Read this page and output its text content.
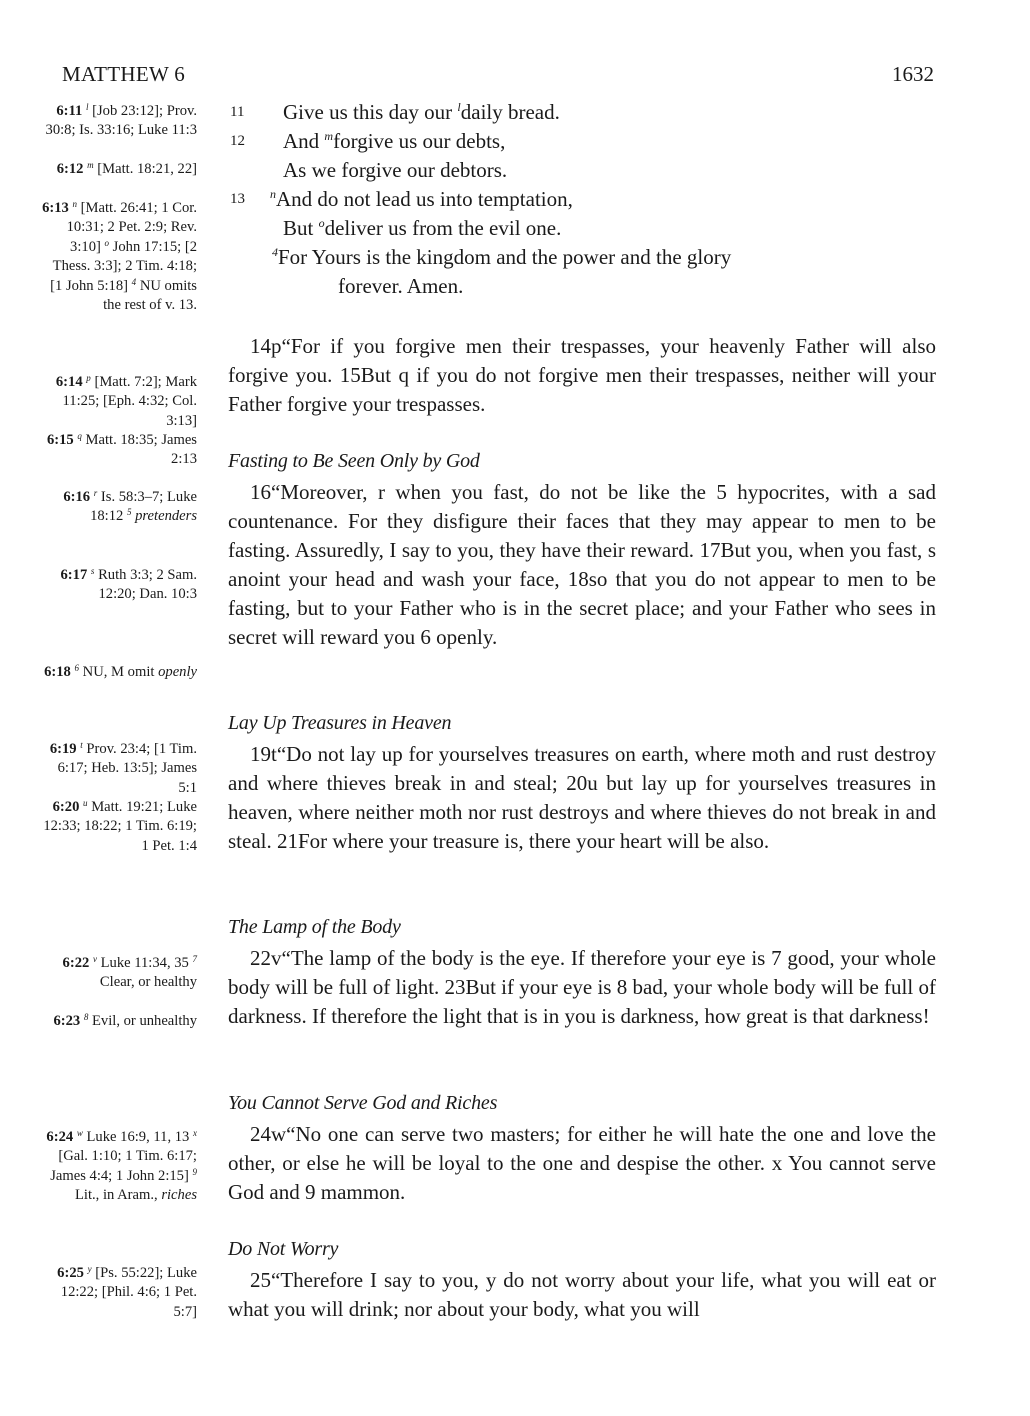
MATTHEW 6	1632
6:11 $^l$ [Job 23:12]; Prov. 30:8; Is. 33:16; Luke 11:3
6:12 $^m$ [Matt. 18:21, 22]
6:13 $^n$ [Matt. 26:41; 1 Cor. 10:31; 2 Pet. 2:9; Rev. 3:10] $^o$ John 17:15; [2 Thess. 3:3]; 2 Tim. 4:18; [1 John 5:18] $^4$ NU omits the rest of v. 13.
6:14 $^p$ [Matt. 7:2]; Mark 11:25; [Eph. 4:32; Col. 3:13]
6:15 $^q$ Matt. 18:35; James 2:13
6:16 $^r$ Is. 58:3–7; Luke 18:12 $^5$ pretenders
6:17 $^s$ Ruth 3:3; 2 Sam. 12:20; Dan. 10:3
6:18 $^6$ NU, M omit openly
6:19 $^t$ Prov. 23:4; [1 Tim. 6:17; Heb. 13:5]; James 5:1
6:20 $^u$ Matt. 19:21; Luke 12:33; 18:22; 1 Tim. 6:19; 1 Pet. 1:4
6:22 $^v$ Luke 11:34, 35 $^7$ Clear, or healthy
6:23 $^8$ Evil, or unhealthy
6:24 $^w$ Luke 16:9, 11, 13 $^x$ [Gal. 1:10; 1 Tim. 6:17; James 4:4; 1 John 2:15] $^9$ Lit., in Aram., riches
6:25 $^y$ [Ps. 55:22]; Luke 12:22; [Phil. 4:6; 1 Pet. 5:7]
11 Give us this day our $^l$daily bread.
12 And $^m$forgive us our debts,
As we forgive our debtors.
13 $^n$And do not lead us into temptation,
But $^o$deliver us from the evil one.
$^4$For Yours is the kingdom and the power and the glory
forever. Amen.
14p“For if you forgive men their trespasses, your heavenly Father will also forgive you. 15But q if you do not forgive men their trespasses, neither will your Father forgive your trespasses.
Fasting to Be Seen Only by God
16“Moreover, r when you fast, do not be like the 5 hypocrites, with a sad countenance. For they disfigure their faces that they may appear to men to be fasting. Assuredly, I say to you, they have their reward. 17But you, when you fast, s anoint your head and wash your face, 18so that you do not appear to men to be fasting, but to your Father who is in the secret place; and your Father who sees in secret will reward you 6 openly.
Lay Up Treasures in Heaven
19t“Do not lay up for yourselves treasures on earth, where moth and rust destroy and where thieves break in and steal; 20u but lay up for yourselves treasures in heaven, where neither moth nor rust destroys and where thieves do not break in and steal. 21For where your treasure is, there your heart will be also.
The Lamp of the Body
22v“The lamp of the body is the eye. If therefore your eye is 7 good, your whole body will be full of light. 23But if your eye is 8 bad, your whole body will be full of darkness. If therefore the light that is in you is darkness, how great is that darkness!
You Cannot Serve God and Riches
24w“No one can serve two masters; for either he will hate the one and love the other, or else he will be loyal to the one and despise the other. x You cannot serve God and 9 mammon.
Do Not Worry
25“Therefore I say to you, y do not worry about your life, what you will eat or what you will drink; nor about your body, what you will
